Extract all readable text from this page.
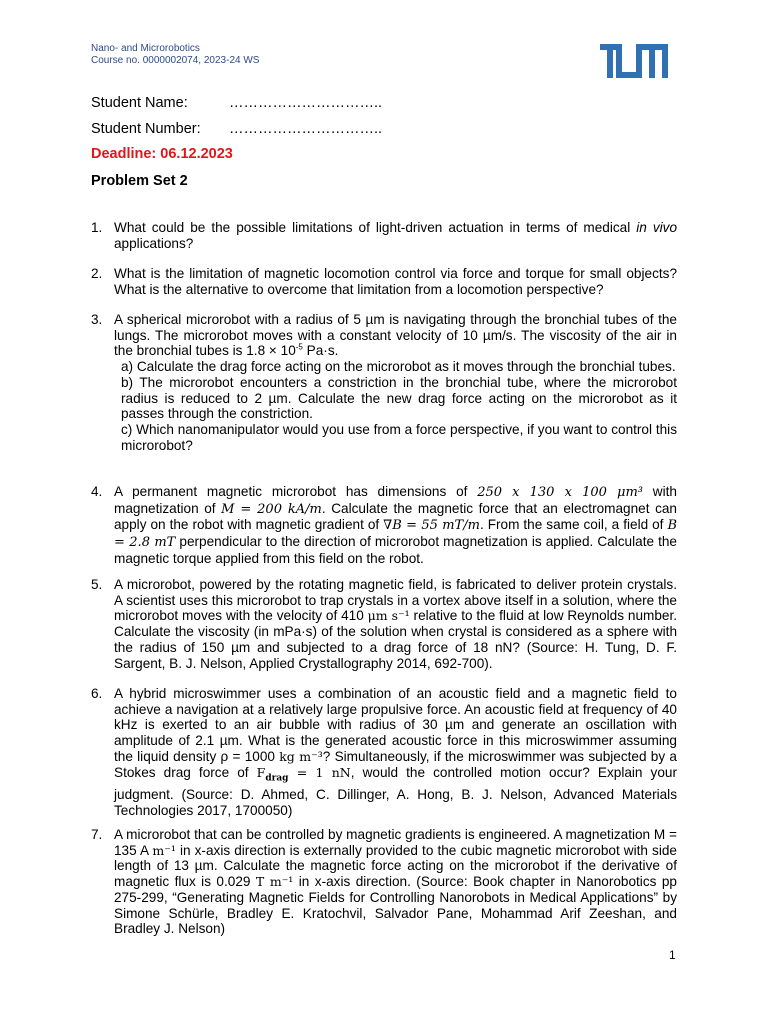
Nano- and Microrobotics
Course no. 0000002074, 2023-24 WS	TUM
Student Name:	…………………………..
Student Number: …………………………..
Deadline: 06.12.2023
Problem Set 2
1. What could be the possible limitations of light-driven actuation in terms of medical in vivo applications?
2. What is the limitation of magnetic locomotion control via force and torque for small objects? What is the alternative to overcome that limitation from a locomotion perspective?
3. A spherical microrobot with a radius of 5 µm is navigating through the bronchial tubes of the lungs. The microrobot moves with a constant velocity of 10 µm/s. The viscosity of the air in the bronchial tubes is $1.8 \times 10^{-5}$ Pa·s.
a) Calculate the drag force acting on the microrobot as it moves through the bronchial tubes.
b) The microrobot encounters a constriction in the bronchial tube, where the microrobot radius is reduced to 2 µm. Calculate the new drag force acting on the microrobot as it passes through the constriction.
c) Which nanomanipulator would you use from a force perspective, if you want to control this microrobot?
4. A permanent magnetic microrobot has dimensions of 250 x 130 x 100 μm³ with magnetization of M = 200 kA/m. Calculate the magnetic force that an electromagnet can apply on the robot with magnetic gradient of ∇B = 55 mT/m. From the same coil, a field of B = 2.8 mT perpendicular to the direction of microrobot magnetization is applied. Calculate the magnetic torque applied from this field on the robot.
5. A microrobot, powered by the rotating magnetic field, is fabricated to deliver protein crystals. A scientist uses this microrobot to trap crystals in a vortex above itself in a solution, where the microrobot moves with the velocity of 410 μm s⁻¹ relative to the fluid at low Reynolds number. Calculate the viscosity (in mPa·s) of the solution when crystal is considered as a sphere with the radius of 150 µm and subjected to a drag force of 18 nN? (Source: H. Tung, D. F. Sargent, B. J. Nelson, Applied Crystallography 2014, 692-700).
6. A hybrid microswimmer uses a combination of an acoustic field and a magnetic field to achieve a navigation at a relatively large propulsive force. An acoustic field at frequency of 40 kHz is exerted to an air bubble with radius of 30 µm and generate an oscillation with amplitude of 2.1 µm. What is the generated acoustic force in this microswimmer assuming the liquid density ρ = 1000 kg m⁻³? Simultaneously, if the microswimmer was subjected by a Stokes drag force of $F_{drag} = 1$ nN, would the controlled motion occur? Explain your judgment. (Source: D. Ahmed, C. Dillinger, A. Hong, B. J. Nelson, Advanced Materials Technologies 2017, 1700050)
7. A microrobot that can be controlled by magnetic gradients is engineered. A magnetization M = 135 A m⁻¹ in x-axis direction is externally provided to the cubic magnetic microrobot with side length of 13 µm. Calculate the magnetic force acting on the microrobot if the derivative of magnetic flux is 0.029 T m⁻¹ in x-axis direction. (Source: Book chapter in Nanorobotics pp 275-299, “Generating Magnetic Fields for Controlling Nanorobots in Medical Applications” by Simone Schürle, Bradley E. Kratochvil, Salvador Pane, Mohammad Arif Zeeshan, and Bradley J. Nelson)
1
